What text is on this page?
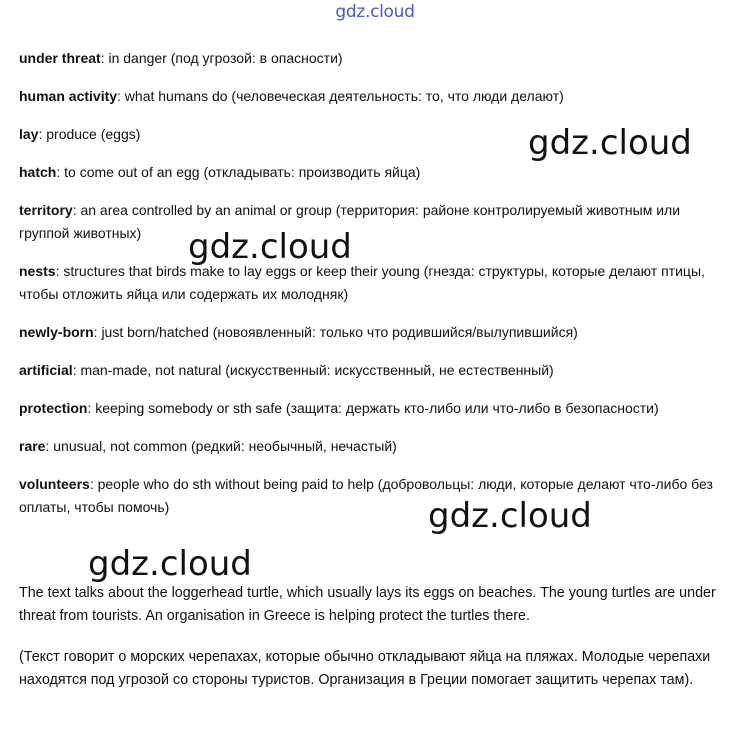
gdz.cloud

under threat: in danger (под угрозой: в опасности)

human activity: what humans do (человеческая деятельность: то, что люди делают)

lay: produce (eggs)

hatch: to come out of an egg (откладывать: производить яйца)

territory: an area controlled by an animal or group (территория: районе контролируемый животным или группой животных)

nests: structures that birds make to lay eggs or keep their young (гнезда: структуры, которые делают птицы, чтобы отложить яйца или содержать их молодняк)

newly-born: just born/hatched (новоявленный: только что родившийся/вылупившийся)

artificial: man-made, not natural (искусственный: искусственный, не естественный)

protection: keeping somebody or sth safe (защита: держать кто-либо или что-либо в безопасности)

rare: unusual, not common (редкий: необычный, нечастый)

volunteers: people who do sth without being paid to help (добровольцы: люди, которые делают что-либо без оплаты, чтобы помочь)

The text talks about the loggerhead turtle, which usually lays its eggs on beaches. The young turtles are under threat from tourists. An organisation in Greece is helping protect the turtles there.

(Текст говорит о морских черепахах, которые обычно откладывают яйца на пляжах. Молодые черепахи находятся под угрозой со стороны туристов. Организация в Греции помогает защитить черепах там).

gdz.cloud
gdz.cloud
gdz.cloud
gdz.cloud
